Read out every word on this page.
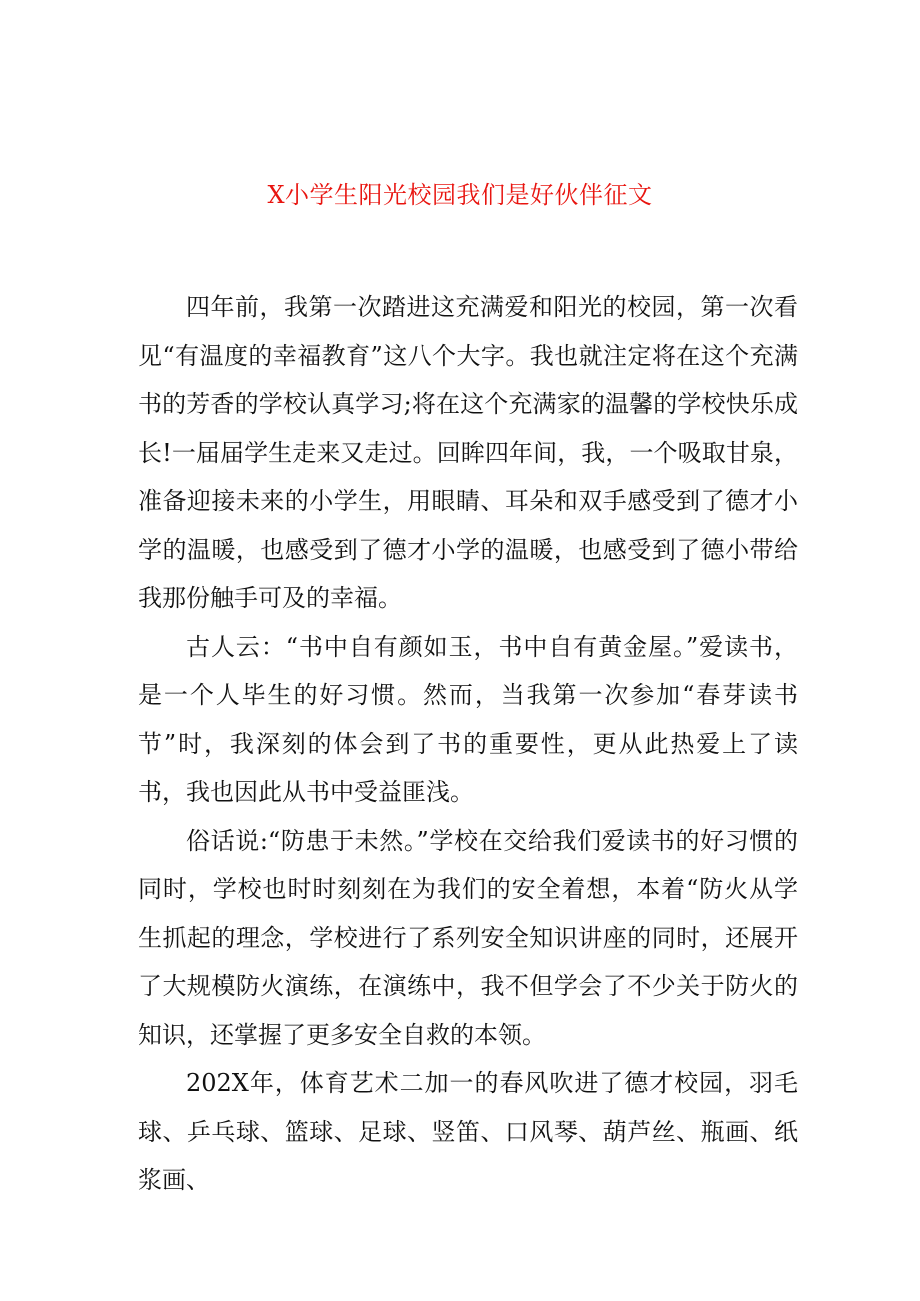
X小学生阳光校园我们是好伙伴征文

四年前，我第一次踏进这充满爱和阳光的校园，第一次看见“有温度的幸福教育”这八个大字。我也就注定将在这个充满书的芳香的学校认真学习;将在这个充满家的温馨的学校快乐成长!一届届学生走来又走过。回眸四年间，我，一个吸取甘泉，准备迎接未来的小学生，用眼睛、耳朵和双手感受到了德才小学的温暖，也感受到了德才小学的温暖，也感受到了德小带给我那份触手可及的幸福。

古人云：“书中自有颜如玉，书中自有黄金屋。”爱读书，是一个人毕生的好习惯。然而，当我第一次参加“春芽读书节”时，我深刻的体会到了书的重要性，更从此热爱上了读书，我也因此从书中受益匪浅。

俗话说:“防患于未然。”学校在交给我们爱读书的好习惯的同时，学校也时时刻刻在为我们的安全着想，本着“防火从学生抓起的理念，学校进行了系列安全知识讲座的同时，还展开了大规模防火演练，在演练中，我不但学会了不少关于防火的知识，还掌握了更多安全自救的本领。

202X年，体育艺术二加一的春风吹进了德才校园，羽毛球、乒乓球、篮球、足球、竖笛、口风琴、葫芦丝、瓶画、纸浆画、
